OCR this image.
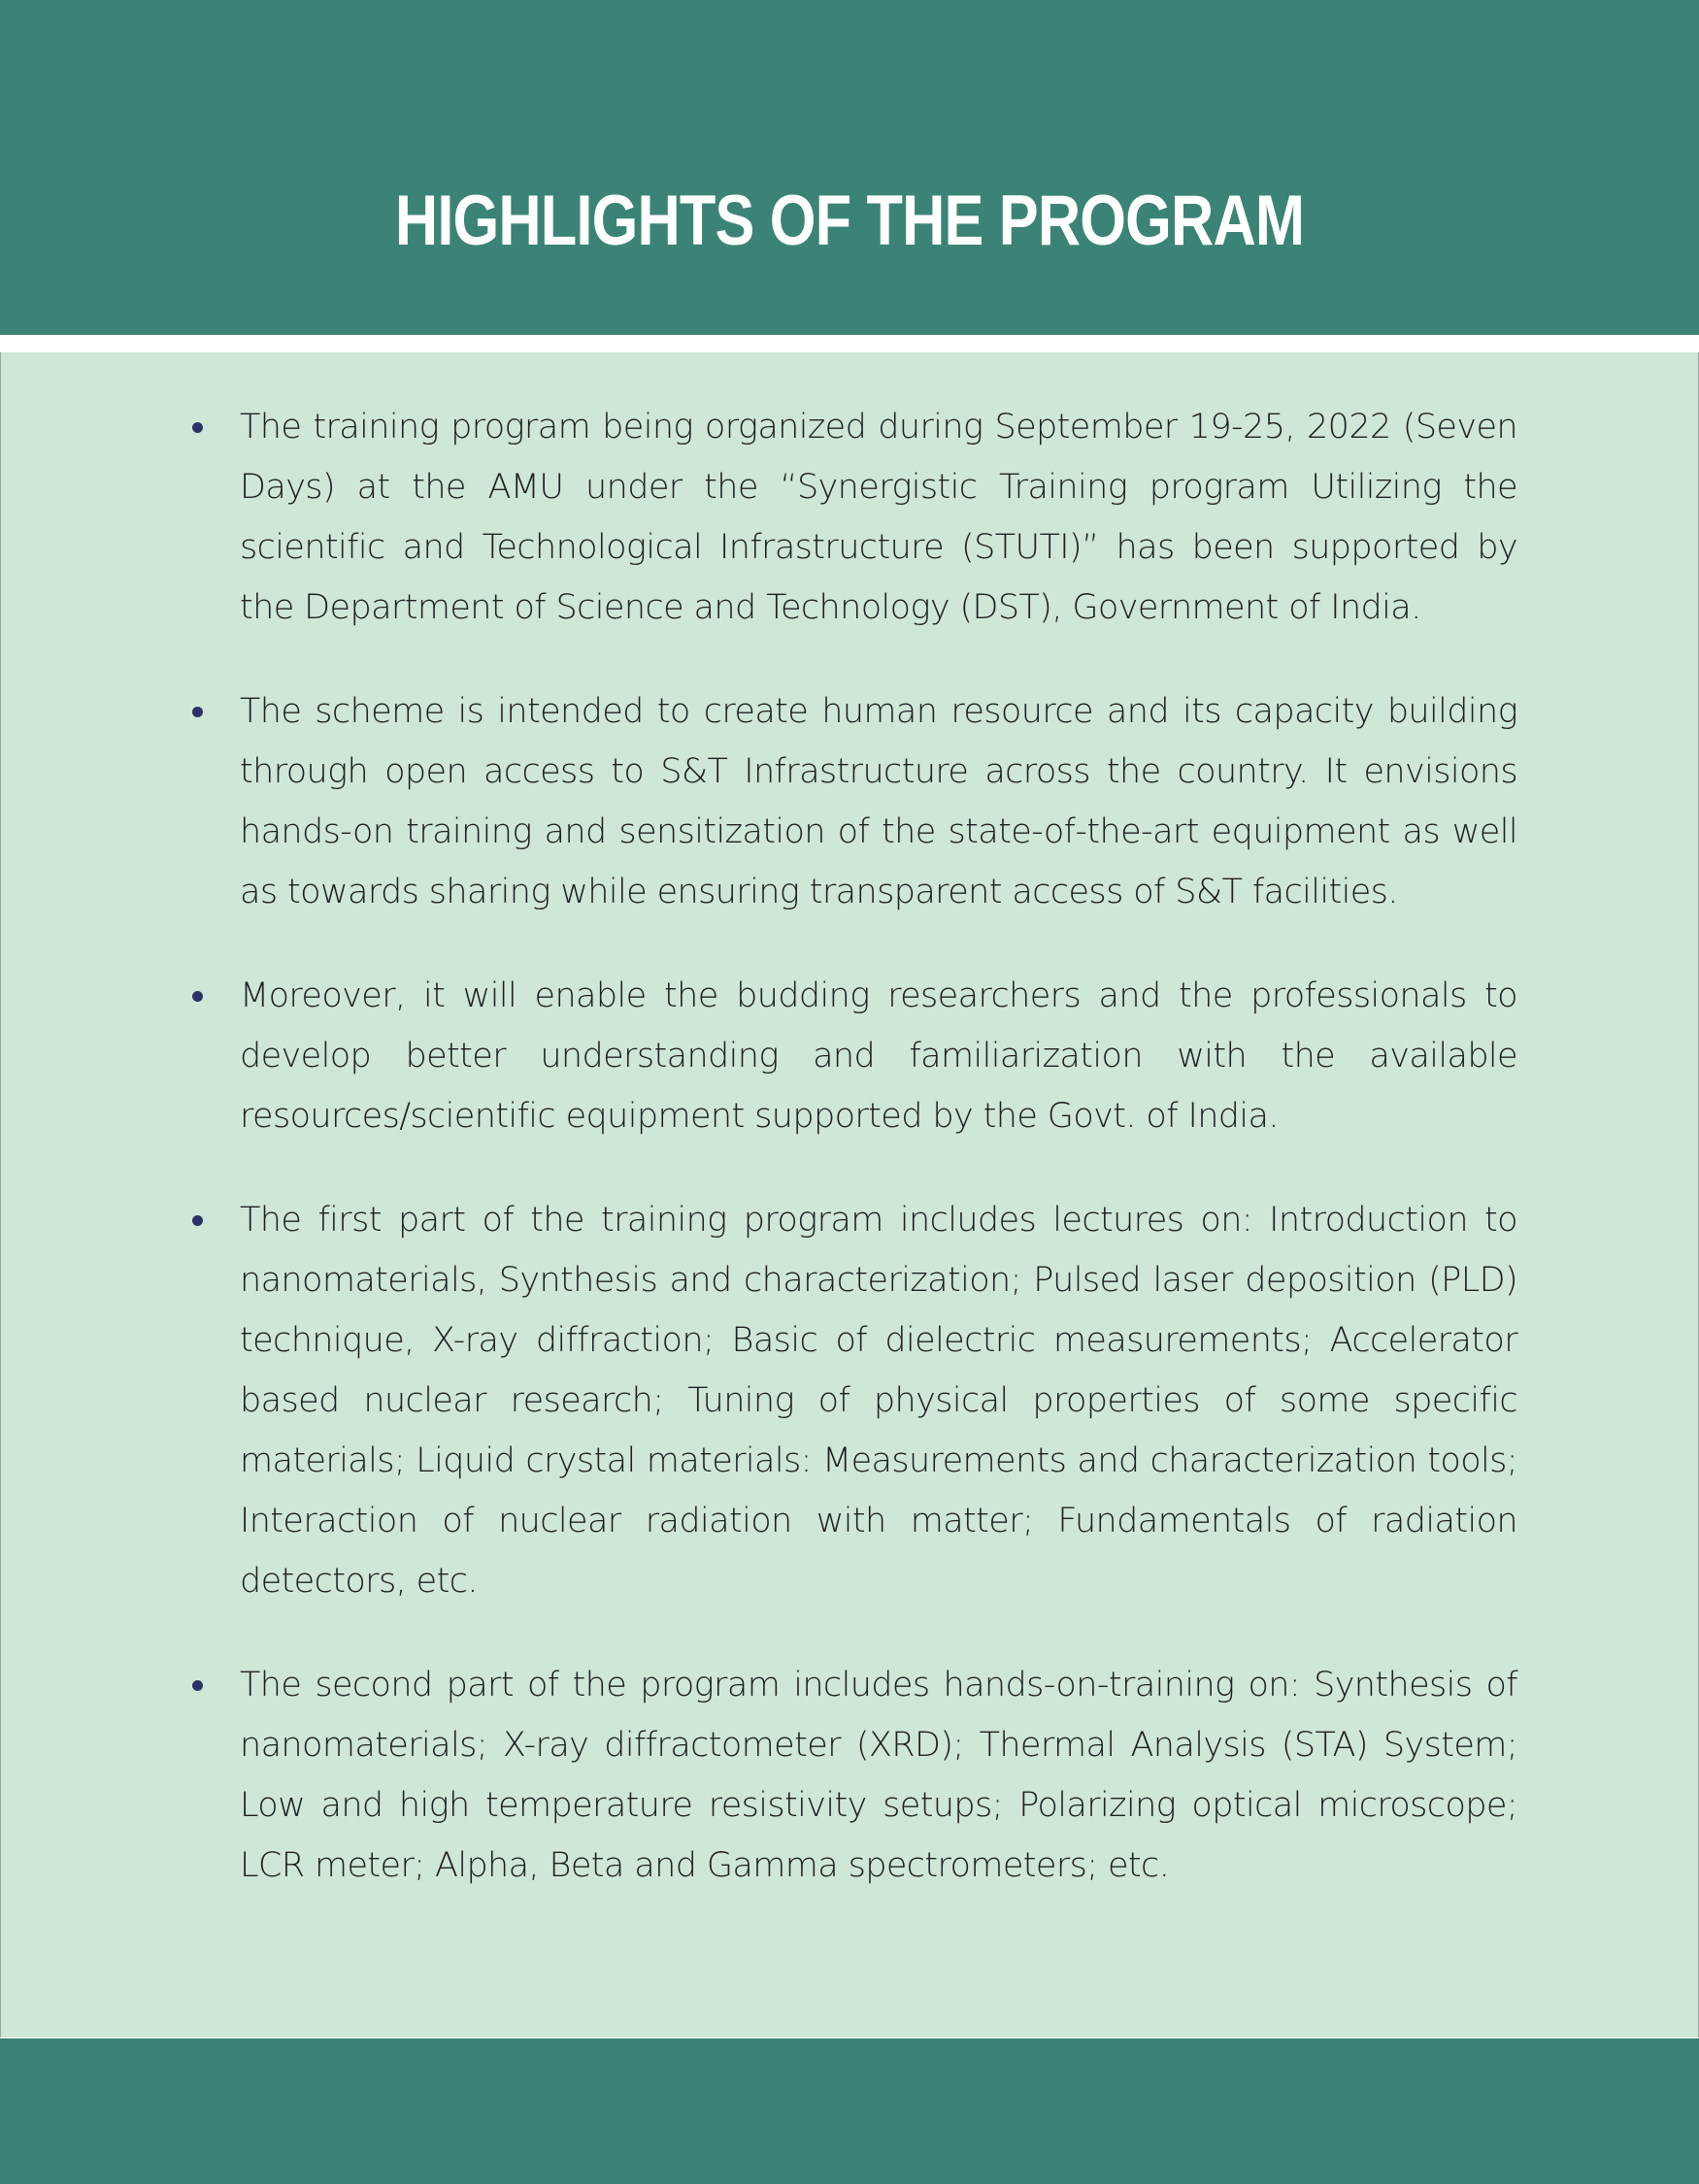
HIGHLIGHTS OF THE PROGRAM
The training program being organized during September 19-25, 2022 (Seven Days) at the AMU under the “Synergistic Training program Utilizing the scientific and Technological Infrastructure (STUTI)” has been supported by the Department of Science and Technology (DST), Government of India.
The scheme is intended to create human resource and its capacity building through open access to S&T Infrastructure across the country. It envisions hands-on training and sensitization of the state-of-the-art equipment as well as towards sharing while ensuring transparent access of S&T facilities.
Moreover, it will enable the budding researchers and the professionals to develop better understanding and familiarization with the available resources/scientific equipment supported by the Govt. of India.
The first part of the training program includes lectures on: Introduction to nanomaterials, Synthesis and characterization; Pulsed laser deposition (PLD) technique, X-ray diffraction; Basic of dielectric measurements; Accelerator based nuclear research; Tuning of physical properties of some specific materials; Liquid crystal materials: Measurements and characterization tools; Interaction of nuclear radiation with matter; Fundamentals of radiation detectors, etc.
The second part of the program includes hands-on-training on: Synthesis of nanomaterials; X-ray diffractometer (XRD); Thermal Analysis (STA) System; Low and high temperature resistivity setups; Polarizing optical microscope; LCR meter; Alpha, Beta and Gamma spectrometers; etc.
